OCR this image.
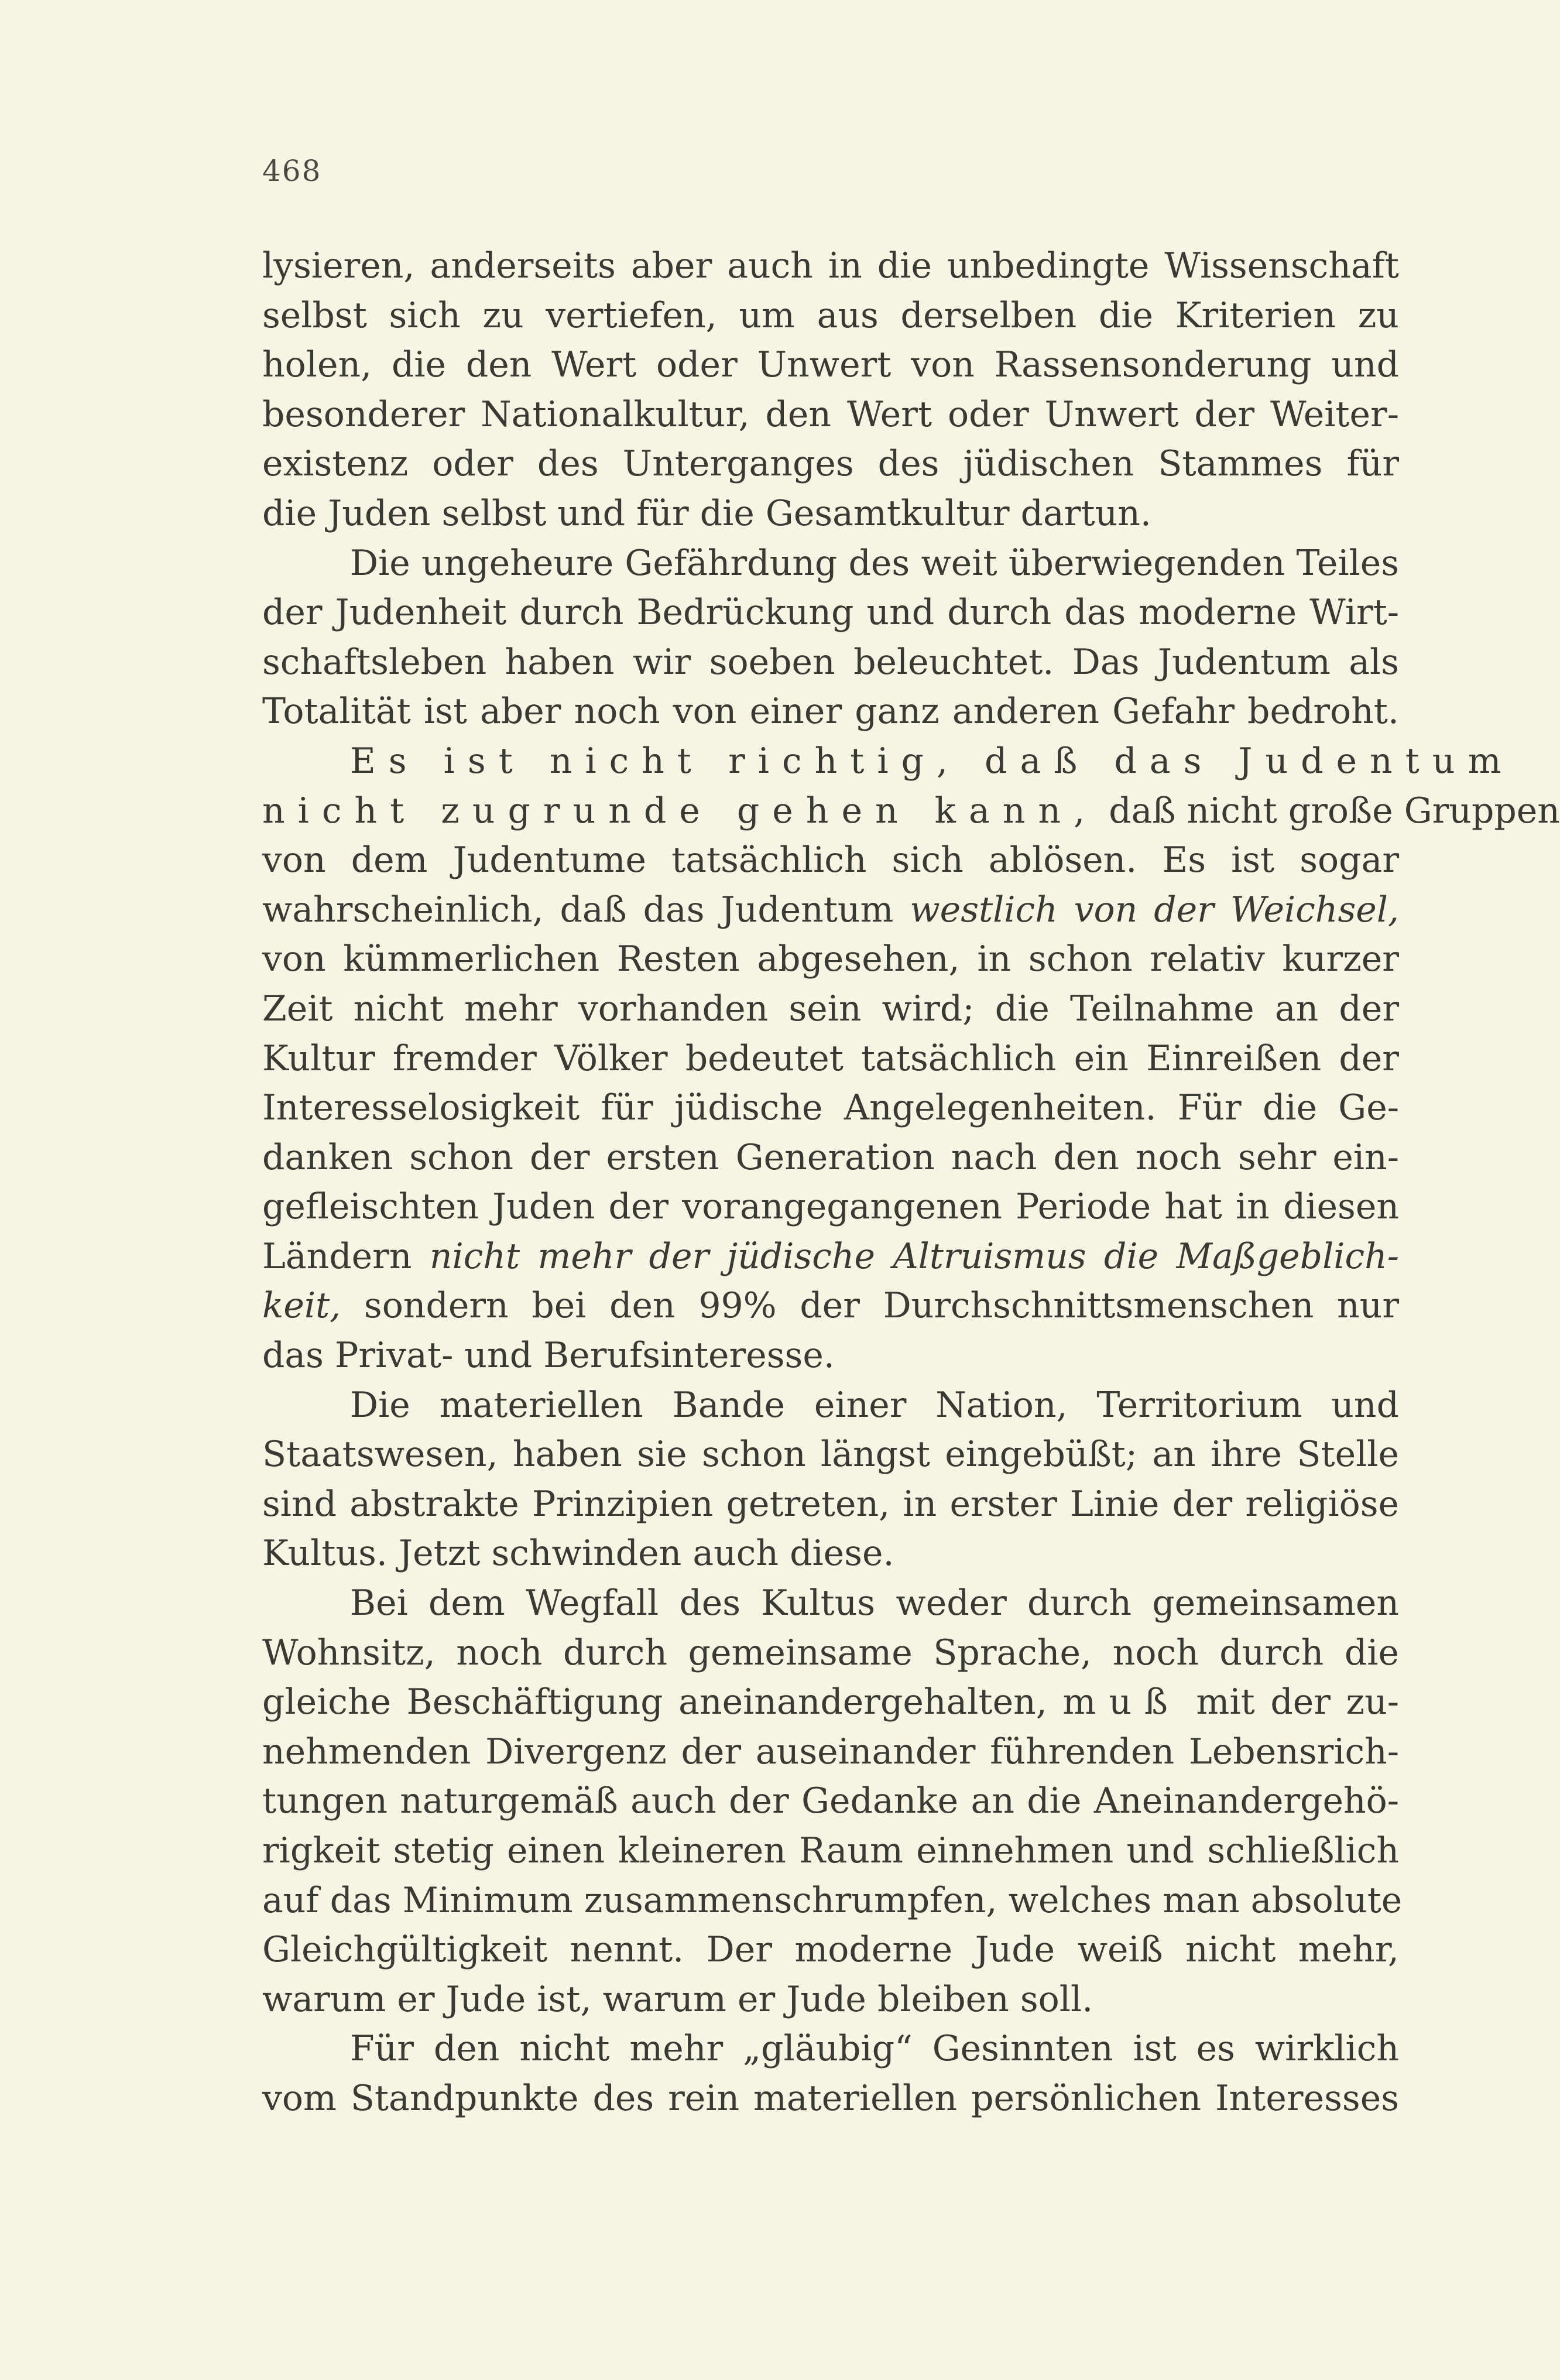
468
lysieren, anderseits aber auch in die unbedingte Wissenschaft
selbst sich zu vertiefen, um aus derselben die Kriterien zu
holen, die den Wert oder Unwert von Rassensonderung und
besonderer Nationalkultur, den Wert oder Unwert der Weiter-
existenz oder des Unterganges des jüdischen Stammes für
die Juden selbst und für die Gesamtkultur dartun.
Die ungeheure Gefährdung des weit überwiegenden Teiles
der Judenheit durch Bedrückung und durch das moderne Wirt-
schaftsleben haben wir soeben beleuchtet. Das Judentum als
Totalität ist aber noch von einer ganz anderen Gefahr bedroht.
Es ist nicht richtig, daß das Judentum
nicht zugrunde gehen kann, daß nicht große Gruppen
von dem Judentume tatsächlich sich ablösen. Es ist sogar
wahrscheinlich, daß das Judentum westlich von der Weichsel,
von kümmerlichen Resten abgesehen, in schon relativ kurzer
Zeit nicht mehr vorhanden sein wird; die Teilnahme an der
Kultur fremder Völker bedeutet tatsächlich ein Einreißen der
Interesselosigkeit für jüdische Angelegenheiten. Für die Ge-
danken schon der ersten Generation nach den noch sehr ein-
gefleischten Juden der vorangegangenen Periode hat in diesen
Ländern nicht mehr der jüdische Altruismus die Maßgeblich-
keit, sondern bei den 99% der Durchschnittsmenschen nur
das Privat- und Berufsinteresse.
Die materiellen Bande einer Nation, Territorium und
Staatswesen, haben sie schon längst eingebüßt; an ihre Stelle
sind abstrakte Prinzipien getreten, in erster Linie der religiöse
Kultus. Jetzt schwinden auch diese.
Bei dem Wegfall des Kultus weder durch gemeinsamen
Wohnsitz, noch durch gemeinsame Sprache, noch durch die
gleiche Beschäftigung aneinandergehalten, muß mit der zu-
nehmenden Divergenz der auseinander führenden Lebensrich-
tungen naturgemäß auch der Gedanke an die Aneinandergehö-
rigkeit stetig einen kleineren Raum einnehmen und schließlich
auf das Minimum zusammenschrumpfen, welches man absolute
Gleichgültigkeit nennt. Der moderne Jude weiß nicht mehr,
warum er Jude ist, warum er Jude bleiben soll.
Für den nicht mehr „gläubig“ Gesinnten ist es wirklich
vom Standpunkte des rein materiellen persönlichen Interesses
